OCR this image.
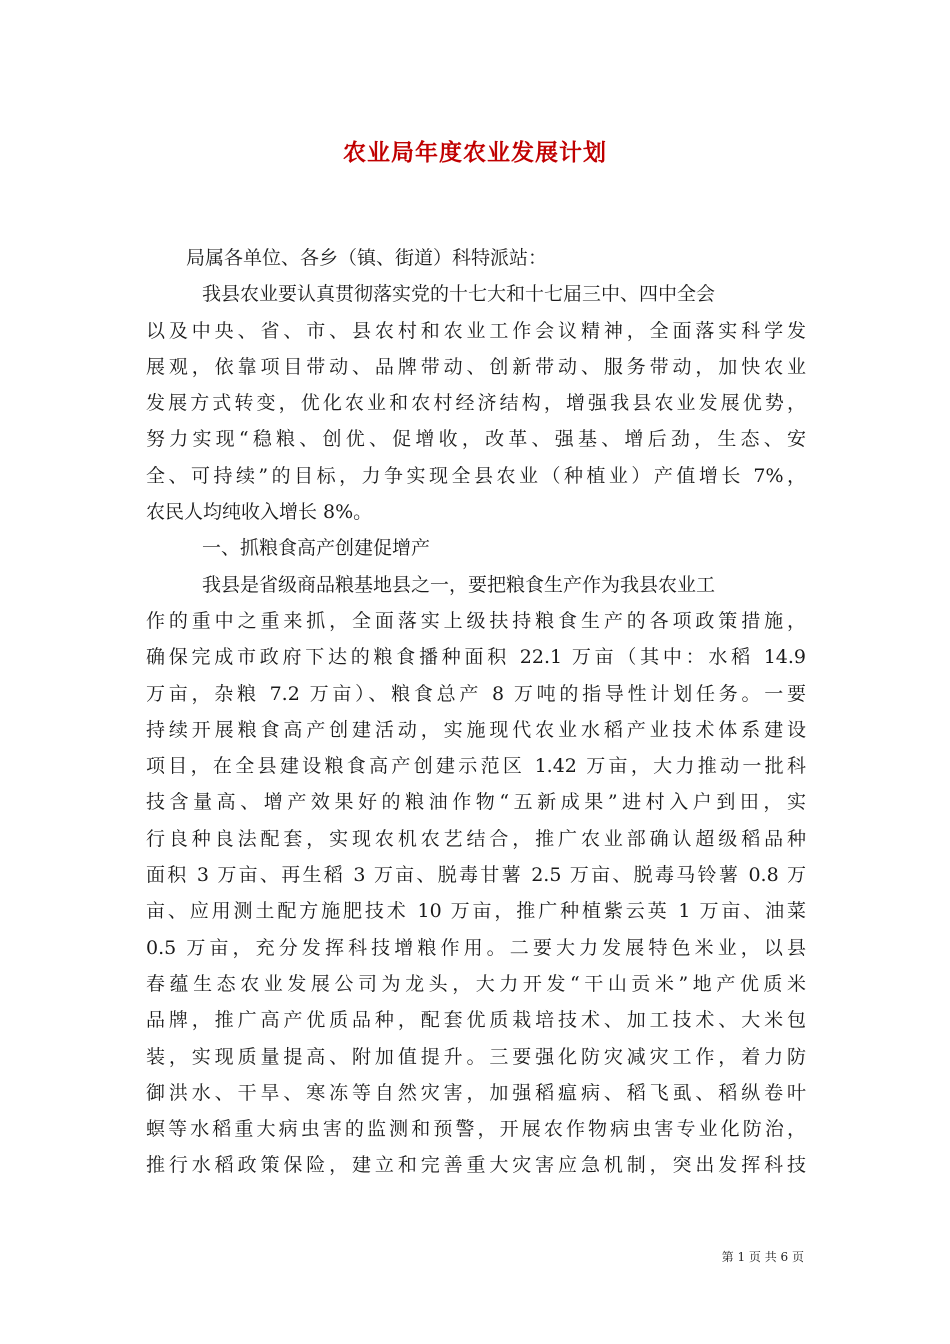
农业局年度农业发展计划
局属各单位、各乡（镇、街道）科特派站：
我县农业要认真贯彻落实党的十七大和十七届三中、四中全会
以及中央、省、市、县农村和农业工作会议精神，全面落实科学发
展观，依靠项目带动、品牌带动、创新带动、服务带动，加快农业
发展方式转变，优化农业和农村经济结构，增强我县农业发展优势，
努力实现“稳粮、创优、促增收，改革、强基、增后劲，生态、安
全、可持续”的目标，力争实现全县农业（种植业）产值增长 7%，
农民人均纯收入增长 8%。
一、抓粮食高产创建促增产
我县是省级商品粮基地县之一，要把粮食生产作为我县农业工
作的重中之重来抓，全面落实上级扶持粮食生产的各项政策措施，
确保完成市政府下达的粮食播种面积 22.1 万亩（其中：水稻 14.9
万亩，杂粮 7.2 万亩）、粮食总产 8 万吨的指导性计划任务。一要
持续开展粮食高产创建活动，实施现代农业水稻产业技术体系建设
项目，在全县建设粮食高产创建示范区 1.42 万亩，大力推动一批科
技含量高、增产效果好的粮油作物“五新成果”进村入户到田，实
行良种良法配套，实现农机农艺结合，推广农业部确认超级稻品种
面积 3 万亩、再生稻 3 万亩、脱毒甘薯 2.5 万亩、脱毒马铃薯 0.8 万
亩、应用测土配方施肥技术 10 万亩，推广种植紫云英 1 万亩、油菜
0.5 万亩，充分发挥科技增粮作用。二要大力发展特色米业，以县
春蕴生态农业发展公司为龙头，大力开发“干山贡米”地产优质米
品牌，推广高产优质品种，配套优质栽培技术、加工技术、大米包
装，实现质量提高、附加值提升。三要强化防灾减灾工作，着力防
御洪水、干旱、寒冻等自然灾害，加强稻瘟病、稻飞虱、稻纵卷叶
螟等水稻重大病虫害的监测和预警，开展农作物病虫害专业化防治，
推行水稻政策保险，建立和完善重大灾害应急机制，突出发挥科技
第 1 页 共 6 页
